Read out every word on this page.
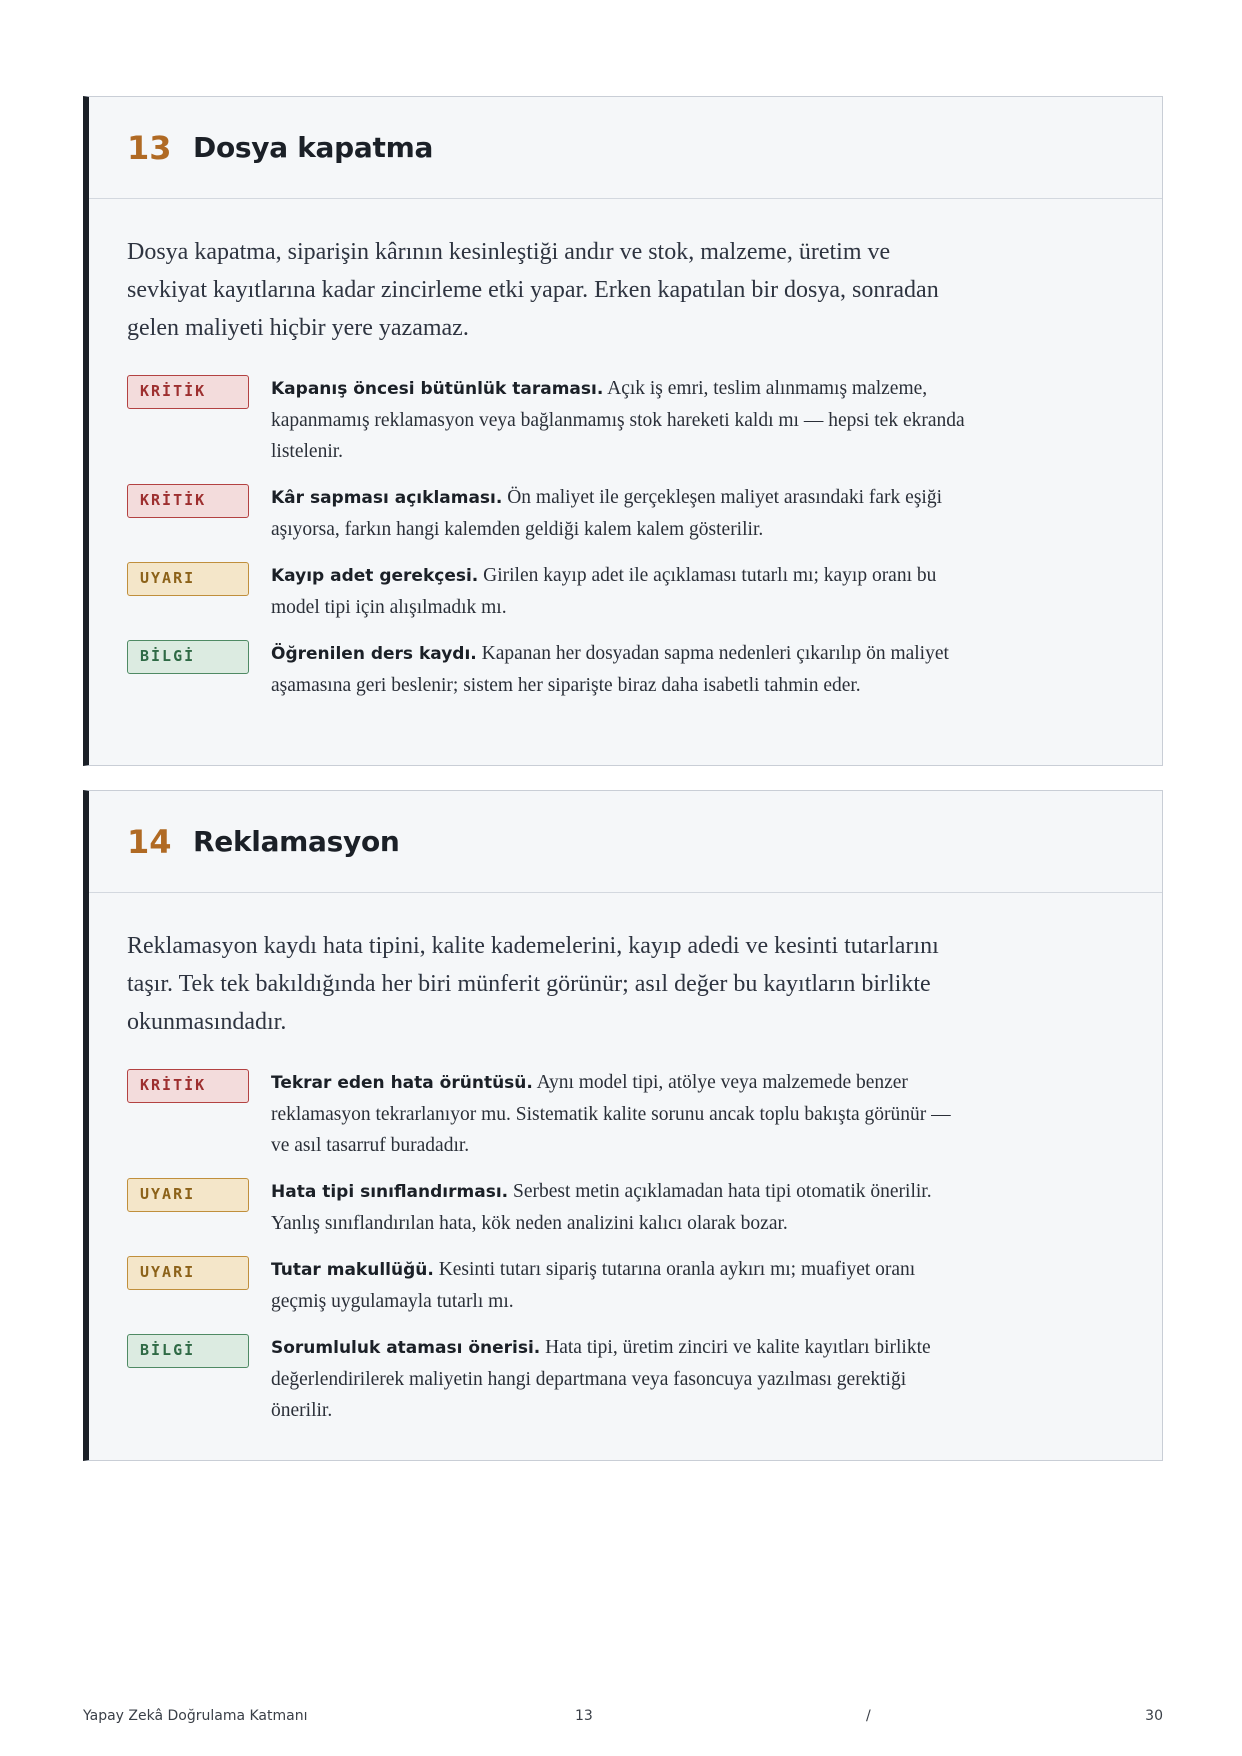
13 Dosya kapatma
Dosya kapatma, siparişin kârının kesinleştiği andır ve stok, malzeme, üretim ve sevkiyat kayıtlarına kadar zincirleme etki yapar. Erken kapatılan bir dosya, sonradan gelen maliyeti hiçbir yere yazamaz.
KRİTİK	Kapanış öncesi bütünlük taraması. Açık iş emri, teslim alınmamış malzeme, kapanmamış reklamasyon veya bağlanmamış stok hareketi kaldı mı — hepsi tek ekranda listelenir.
KRİTİK	Kâr sapması açıklaması. Ön maliyet ile gerçekleşen maliyet arasındaki fark eşiği aşıyorsa, farkın hangi kalemden geldiği kalem kalem gösterilir.
UYARI	Kayıp adet gerekçesi. Girilen kayıp adet ile açıklaması tutarlı mı; kayıp oranı bu model tipi için alışılmadık mı.
BİLGİ	Öğrenilen ders kaydı. Kapanan her dosyadan sapma nedenleri çıkarılıp ön maliyet aşamasına geri beslenir; sistem her siparişte biraz daha isabetli tahmin eder.
14 Reklamasyon
Reklamasyon kaydı hata tipini, kalite kademelerini, kayıp adedi ve kesinti tutarlarını taşır. Tek tek bakıldığında her biri münferit görünür; asıl değer bu kayıtların birlikte okunmasındadır.
KRİTİK	Tekrar eden hata örüntüsü. Aynı model tipi, atölye veya malzemede benzer reklamasyon tekrarlanıyor mu. Sistematik kalite sorunu ancak toplu bakışta görünür — ve asıl tasarruf buradadır.
UYARI	Hata tipi sınıflandırması. Serbest metin açıklamadan hata tipi otomatik önerilir. Yanlış sınıflandırılan hata, kök neden analizini kalıcı olarak bozar.
UYARI	Tutar makullüğü. Kesinti tutarı sipariş tutarına oranla aykırı mı; muafiyet oranı geçmiş uygulamayla tutarlı mı.
BİLGİ	Sorumluluk ataması önerisi. Hata tipi, üretim zinciri ve kalite kayıtları birlikte değerlendirilerek maliyetin hangi departmana veya fasoncuya yazılması gerektiği önerilir.
Yapay Zekâ Doğrulama Katmanı	13	/	30
